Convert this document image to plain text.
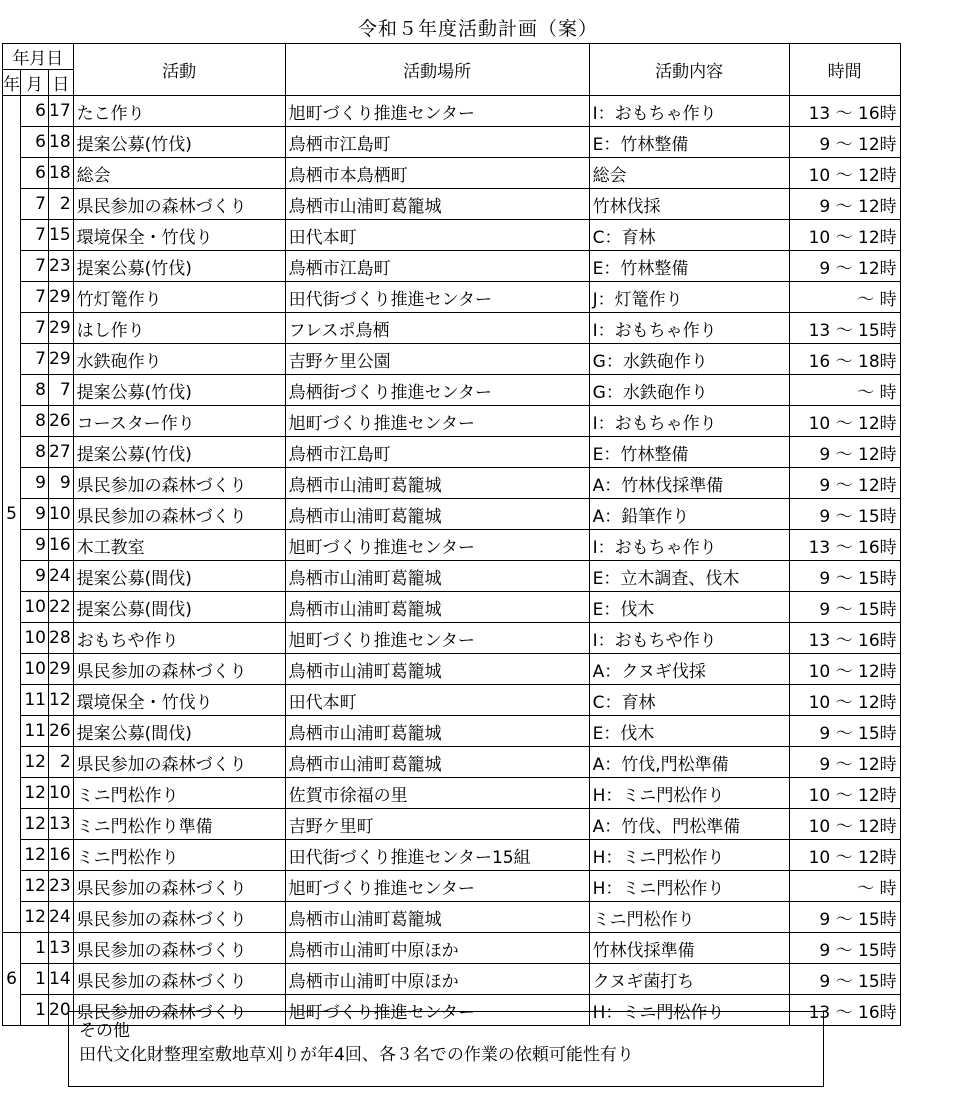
令和５年度活動計画（案）
年月日			活動	活動場所	活動内容	時間
年	月	日				
5	6	17	たこ作り	旭町づくり推進センター	I：おもちゃ作り	13 ～ 16時
	6	18	提案公募(竹伐)	鳥栖市江島町	E：竹林整備	9 ～ 12時
	6	18	総会	鳥栖市本鳥栖町	総会	10 ～ 12時
	7	2	県民参加の森林づくり	鳥栖市山浦町葛籠城	竹林伐採	9 ～ 12時
	7	15	環境保全・竹伐り	田代本町	C：育林	10 ～ 12時
	7	23	提案公募(竹伐)	鳥栖市江島町	E：竹林整備	9 ～ 12時
	7	29	竹灯篭作り	田代街づくり推進センター	J：灯篭作り	～ 時
	7	29	はし作り	フレスポ鳥栖	I：おもちゃ作り	13 ～ 15時
	7	29	水鉄砲作り	吉野ケ里公園	G：水鉄砲作り	16 ～ 18時
	8	7	提案公募(竹伐)	鳥栖街づくり推進センター	G：水鉄砲作り	～ 時
	8	26	コースター作り	旭町づくり推進センター	I：おもちゃ作り	10 ～ 12時
	8	27	提案公募(竹伐)	鳥栖市江島町	E：竹林整備	9 ～ 12時
	9	9	県民参加の森林づくり	鳥栖市山浦町葛籠城	A：竹林伐採準備	9 ～ 12時
	9	10	県民参加の森林づくり	鳥栖市山浦町葛籠城	A：鉛筆作り	9 ～ 15時
	9	16	木工教室	旭町づくり推進センター	I：おもちゃ作り	13 ～ 16時
	9	24	提案公募(間伐)	鳥栖市山浦町葛籠城	E：立木調査、伐木	9 ～ 15時
	10	22	提案公募(間伐)	鳥栖市山浦町葛籠城	E：伐木	9 ～ 15時
	10	28	おもちや作り	旭町づくり推進センター	I：おもちや作り	13 ～ 16時
	10	29	県民参加の森林づくり	鳥栖市山浦町葛籠城	A：クヌギ伐採	10 ～ 12時
	11	12	環境保全・竹伐り	田代本町	C：育林	10 ～ 12時
	11	26	提案公募(間伐)	鳥栖市山浦町葛籠城	E：伐木	9 ～ 15時
	12	2	県民参加の森林づくり	鳥栖市山浦町葛籠城	A：竹伐,門松準備	9 ～ 12時
	12	10	ミニ門松作り	佐賀市徐福の里	H：ミニ門松作り	10 ～ 12時
	12	13	ミニ門松作り準備	吉野ケ里町	A：竹伐、門松準備	10 ～ 12時
	12	16	ミニ門松作り	田代街づくり推進センター15組	H：ミニ門松作り	10 ～ 12時
	12	23	県民参加の森林づくり	旭町づくり推進センター	H：ミニ門松作り	～ 時
	12	24	県民参加の森林づくり	鳥栖市山浦町葛籠城	ミニ門松作り	9 ～ 15時
6	1	13	県民参加の森林づくり	鳥栖市山浦町中原ほか	竹林伐採準備	9 ～ 15時
	1	14	県民参加の森林づくり	鳥栖市山浦町中原ほか	クヌギ菌打ち	9 ～ 15時
	1	20	県民参加の森林づくり	旭町づくり推進センター	H：ミニ門松作り	13 ～ 16時
その他
田代文化財整理室敷地草刈りが年4回、各３名での作業の依頼可能性有り
